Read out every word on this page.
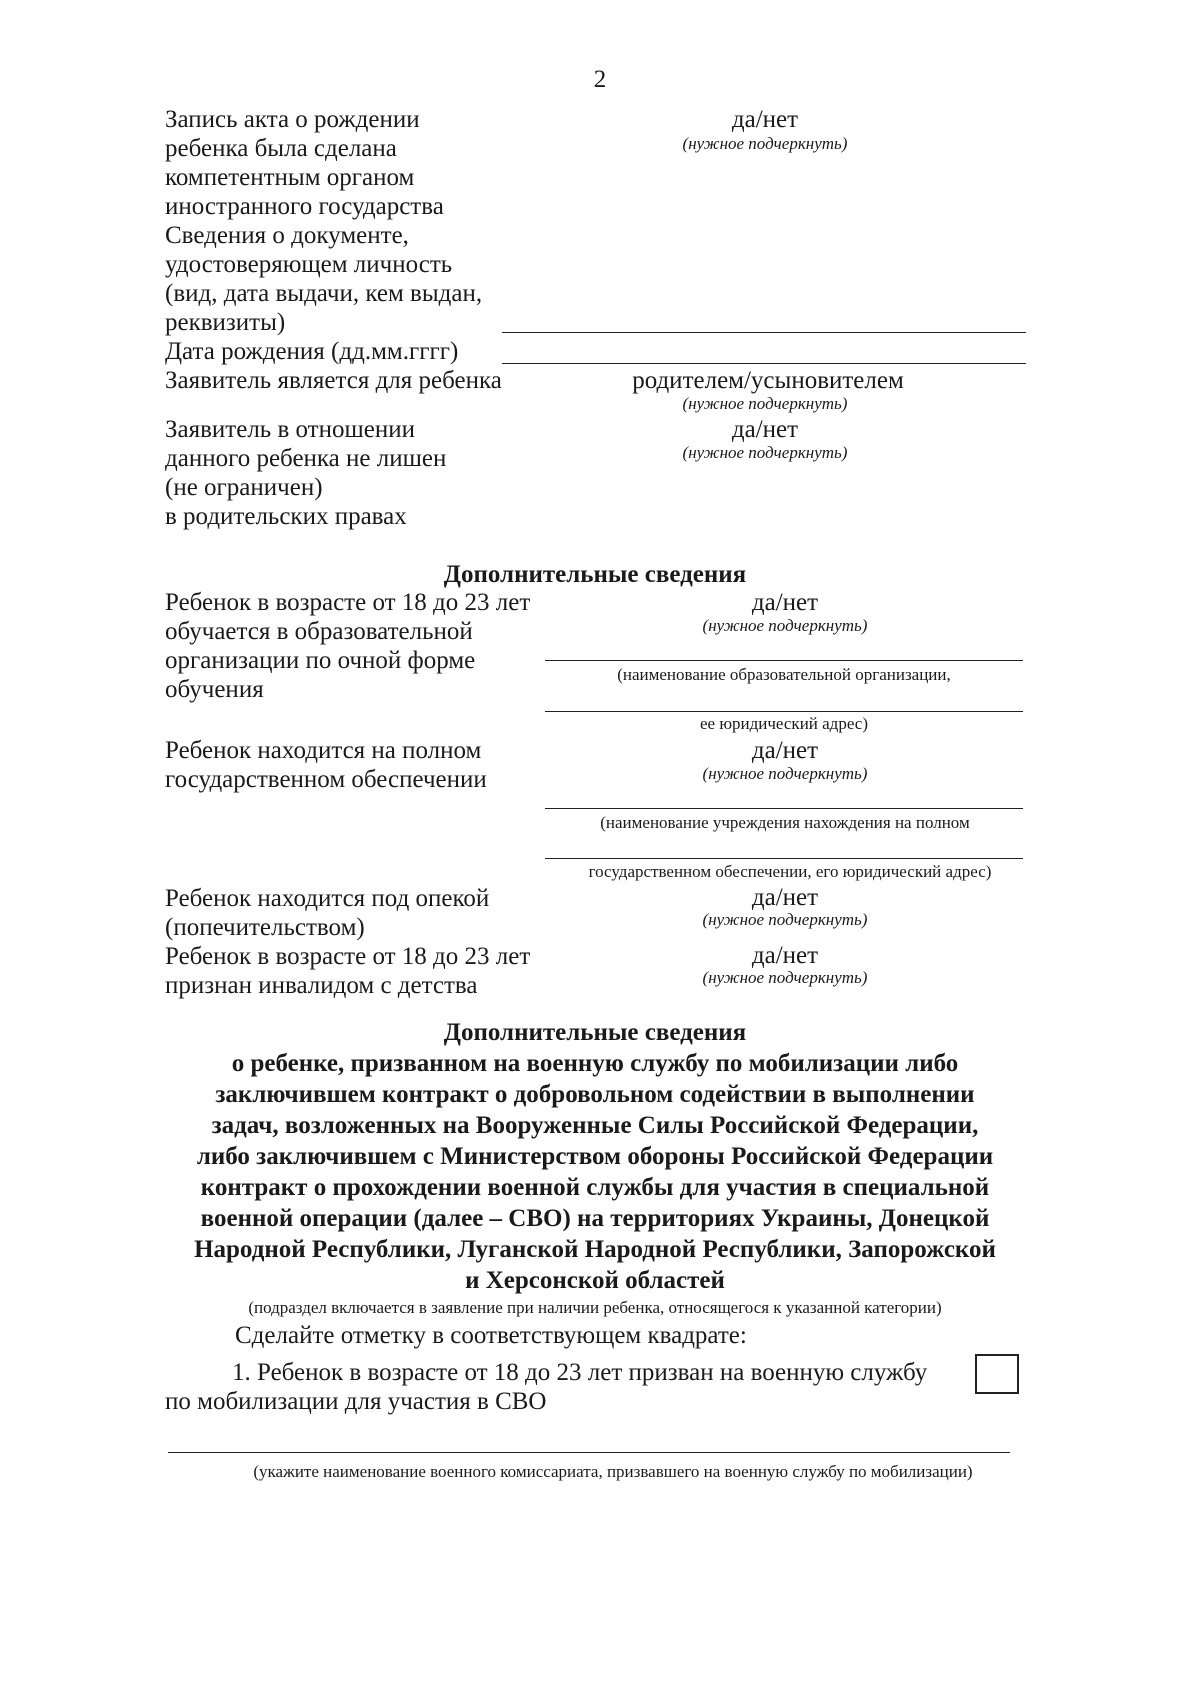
2
Запись акта о рождении
ребенка была сделана
компетентным органом
иностранного государства
да/нет
(нужное подчеркнуть)
Сведения о документе,
удостоверяющем личность
(вид, дата выдачи, кем выдан,
реквизиты)
Дата рождения (дд.мм.гггг)
Заявитель является для ребенка	родителем/усыновителем
(нужное подчеркнуть)
Заявитель в отношении
данного ребенка не лишен
(не ограничен)
в родительских правах
да/нет
(нужное подчеркнуть)
Дополнительные сведения
Ребенок в возрасте от 18 до 23 лет
обучается в образовательной
организации по очной форме
обучения
да/нет
(нужное подчеркнуть)
(наименование образовательной организации,
ее юридический адрес)
Ребенок находится на полном
государственном обеспечении
да/нет
(нужное подчеркнуть)
(наименование учреждения нахождения на полном
государственном обеспечении, его юридический адрес)
Ребенок находится под опекой
(попечительством)
да/нет
(нужное подчеркнуть)
Ребенок в возрасте от 18 до 23 лет
признан инвалидом с детства
да/нет
(нужное подчеркнуть)
Дополнительные сведения
о ребенке, призванном на военную службу по мобилизации либо
заключившем контракт о добровольном содействии в выполнении
задач, возложенных на Вооруженные Силы Российской Федерации,
либо заключившем с Министерством обороны Российской Федерации
контракт о прохождении военной службы для участия в специальной
военной операции (далее – СВО) на территориях Украины, Донецкой
Народной Республики, Луганской Народной Республики, Запорожской
и Херсонской областей
(подраздел включается в заявление при наличии ребенка, относящегося к указанной категории)
Сделайте отметку в соответствующем квадрате:
1. Ребенок в возрасте от 18 до 23 лет призван на военную службу
по мобилизации для участия в СВО
(укажите наименование военного комиссариата, призвавшего на военную службу по мобилизации)
